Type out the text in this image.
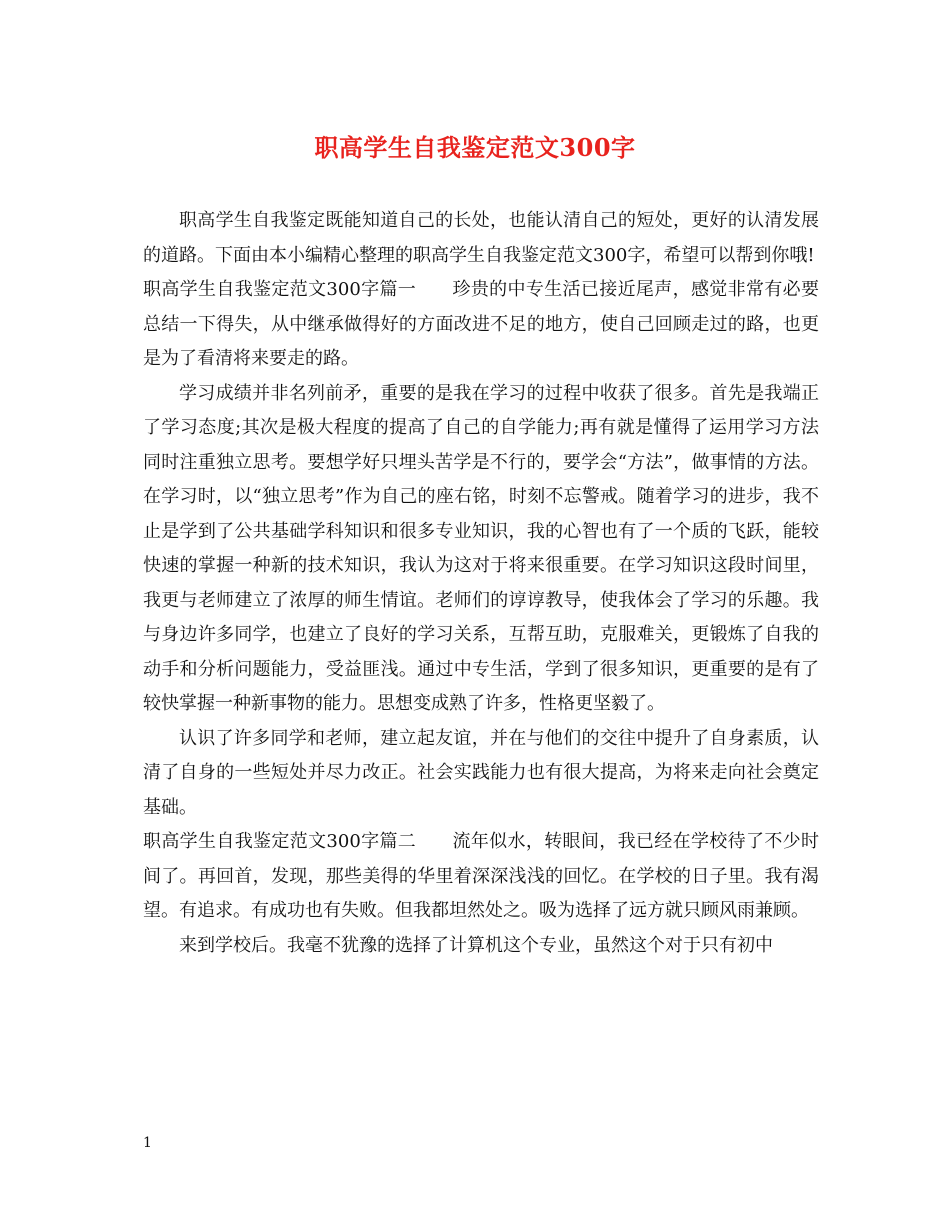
职高学生自我鉴定范文300字

职高学生自我鉴定既能知道自己的长处，也能认清自己的短处，更好的认清发展的道路。下面由本小编精心整理的职高学生自我鉴定范文300字，希望可以帮到你哦!

职高学生自我鉴定范文300字篇一 珍贵的中专生活已接近尾声，感觉非常有必要总结一下得失，从中继承做得好的方面改进不足的地方，使自己回顾走过的路，也更是为了看清将来要走的路。

学习成绩并非名列前矛，重要的是我在学习的过程中收获了很多。首先是我端正了学习态度;其次是极大程度的提高了自己的自学能力;再有就是懂得了运用学习方法同时注重独立思考。要想学好只埋头苦学是不行的，要学会“方法”，做事情的方法。在学习时，以“独立思考”作为自己的座右铭，时刻不忘警戒。随着学习的进步，我不止是学到了公共基础学科知识和很多专业知识，我的心智也有了一个质的飞跃，能较快速的掌握一种新的技术知识，我认为这对于将来很重要。在学习知识这段时间里，我更与老师建立了浓厚的师生情谊。老师们的谆谆教导，使我体会了学习的乐趣。我与身边许多同学，也建立了良好的学习关系，互帮互助，克服难关，更锻炼了自我的动手和分析问题能力，受益匪浅。通过中专生活，学到了很多知识，更重要的是有了较快掌握一种新事物的能力。思想变成熟了许多，性格更坚毅了。

认识了许多同学和老师，建立起友谊，并在与他们的交往中提升了自身素质，认清了自身的一些短处并尽力改正。社会实践能力也有很大提高，为将来走向社会奠定基础。

职高学生自我鉴定范文300字篇二 流年似水，转眼间，我已经在学校待了不少时间了。再回首，发现，那些美得的华里着深深浅浅的回忆。在学校的日子里。我有渴望。有追求。有成功也有失败。但我都坦然处之。吸为选择了远方就只顾风雨兼顾。

来到学校后。我毫不犹豫的选择了计算机这个专业，虽然这个对于只有初中

1
